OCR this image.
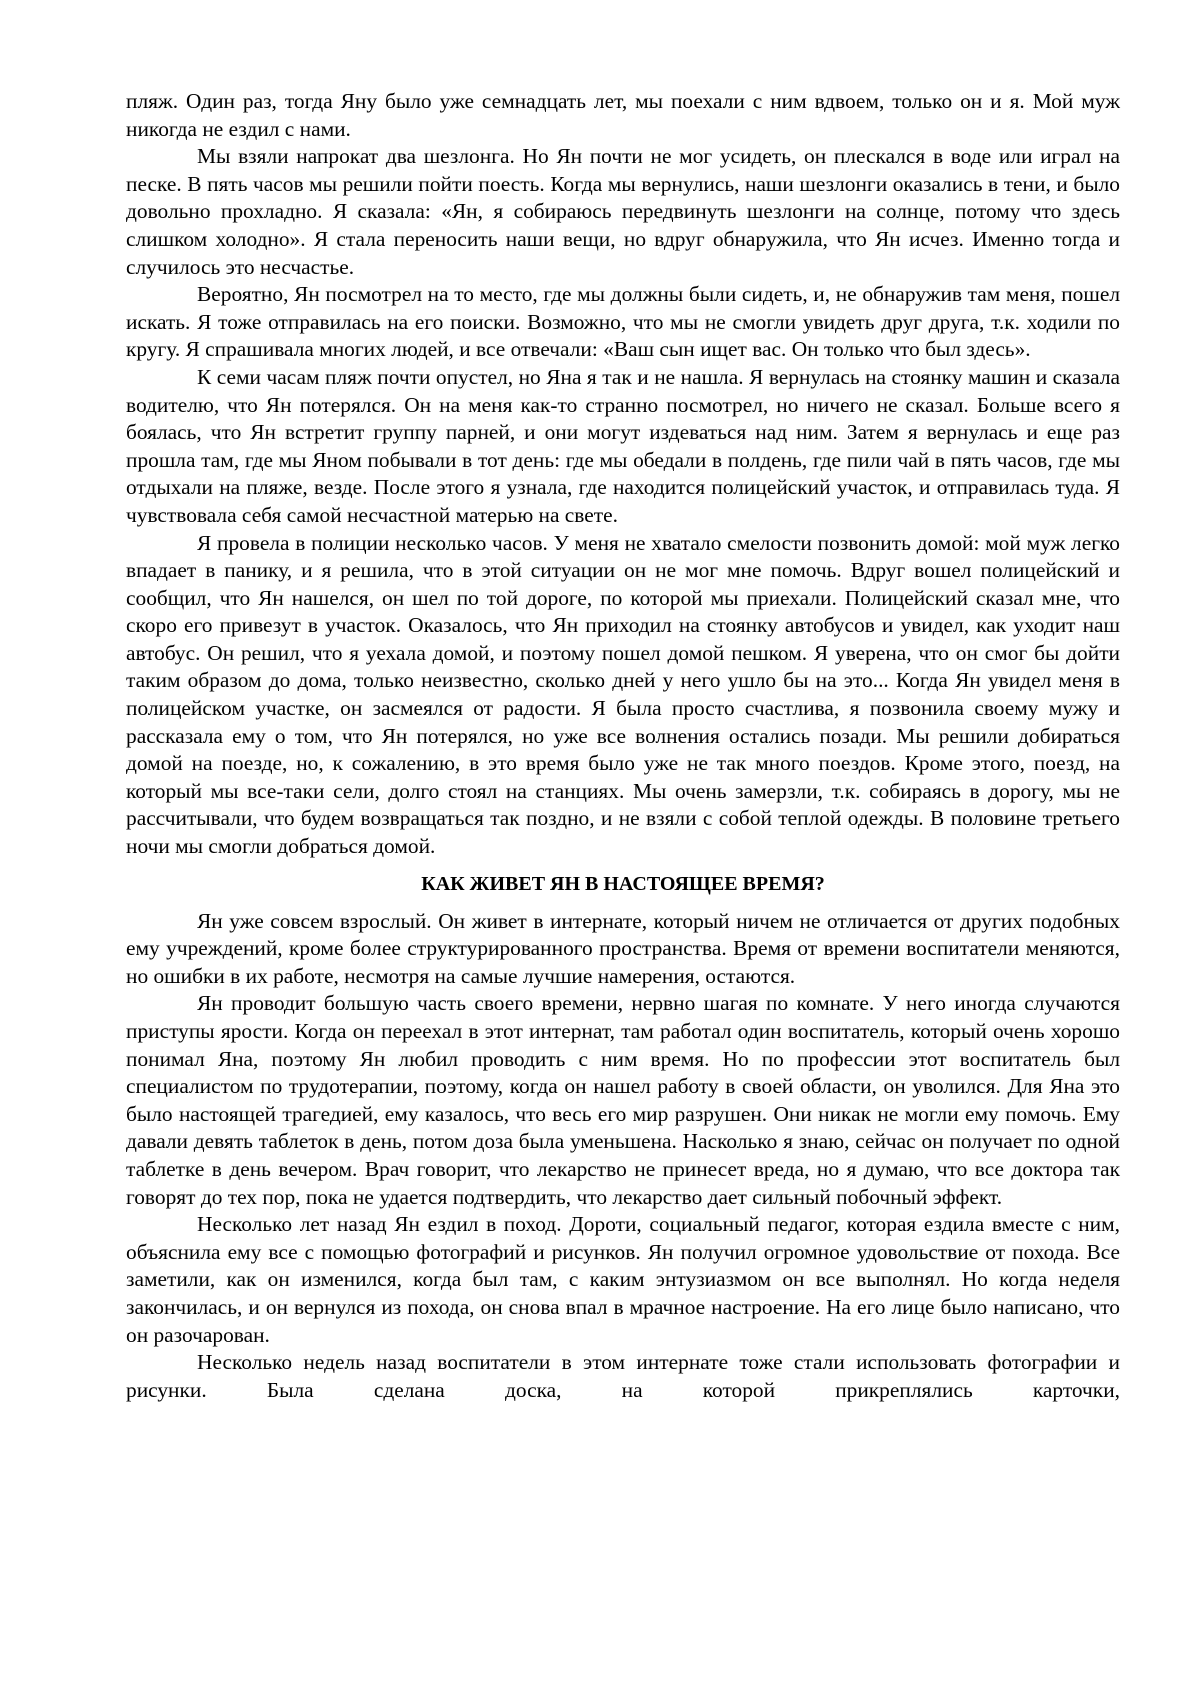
пляж. Один раз, тогда Яну было уже семнадцать лет, мы поехали с ним вдвоем, только он и я. Мой муж никогда не ездил с нами.

Мы взяли напрокат два шезлонга. Но Ян почти не мог усидеть, он плескался в воде или играл на песке. В пять часов мы решили пойти поесть. Когда мы вернулись, наши шезлонги оказались в тени, и было довольно прохладно. Я сказала: «Ян, я собираюсь передвинуть шезлонги на солнце, потому что здесь слишком холодно». Я стала переносить наши вещи, но вдруг обнаружила, что Ян исчез. Именно тогда и случилось это несчастье.

Вероятно, Ян посмотрел на то место, где мы должны были сидеть, и, не обнаружив там меня, пошел искать. Я тоже отправилась на его поиски. Возможно, что мы не смогли увидеть друг друга, т.к. ходили по кругу. Я спрашивала многих людей, и все отвечали: «Ваш сын ищет вас. Он только что был здесь».

К семи часам пляж почти опустел, но Яна я так и не нашла. Я вернулась на стоянку машин и сказала водителю, что Ян потерялся. Он на меня как-то странно посмотрел, но ничего не сказал. Больше всего я боялась, что Ян встретит группу парней, и они могут издеваться над ним. Затем я вернулась и еще раз прошла там, где мы Яном побывали в тот день: где мы обедали в полдень, где пили чай в пять часов, где мы отдыхали на пляже, везде. После этого я узнала, где находится полицейский участок, и отправилась туда. Я чувствовала себя самой несчастной матерью на свете.

Я провела в полиции несколько часов. У меня не хватало смелости позвонить домой: мой муж легко впадает в панику, и я решила, что в этой ситуации он не мог мне помочь. Вдруг вошел полицейский и сообщил, что Ян нашелся, он шел по той дороге, по которой мы приехали. Полицейский сказал мне, что скоро его привезут в участок. Оказалось, что Ян приходил на стоянку автобусов и увидел, как уходит наш автобус. Он решил, что я уехала домой, и поэтому пошел домой пешком. Я уверена, что он смог бы дойти таким образом до дома, только неизвестно, сколько дней у него ушло бы на это... Когда Ян увидел меня в полицейском участке, он засмеялся от радости. Я была просто счастлива, я позвонила своему мужу и рассказала ему о том, что Ян потерялся, но уже все волнения остались позади. Мы решили добираться домой на поезде, но, к сожалению, в это время было уже не так много поездов. Кроме этого, поезд, на который мы все-таки сели, долго стоял на станциях. Мы очень замерзли, т.к. собираясь в дорогу, мы не рассчитывали, что будем возвращаться так поздно, и не взяли с собой теплой одежды. В половине третьего ночи мы смогли добраться домой.

КАК ЖИВЕТ ЯН В НАСТОЯЩЕЕ ВРЕМЯ?

Ян уже совсем взрослый. Он живет в интернате, который ничем не отличается от других подобных ему учреждений, кроме более структурированного пространства. Время от времени воспитатели меняются, но ошибки в их работе, несмотря на самые лучшие намерения, остаются.

Ян проводит большую часть своего времени, нервно шагая по комнате. У него иногда случаются приступы ярости. Когда он переехал в этот интернат, там работал один воспитатель, который очень хорошо понимал Яна, поэтому Ян любил проводить с ним время. Но по профессии этот воспитатель был специалистом по трудотерапии, поэтому, когда он нашел работу в своей области, он уволился. Для Яна это было настоящей трагедией, ему казалось, что весь его мир разрушен. Они никак не могли ему помочь. Ему давали девять таблеток в день, потом доза была уменьшена. Насколько я знаю, сейчас он получает по одной таблетке в день вечером. Врач говорит, что лекарство не принесет вреда, но я думаю, что все доктора так говорят до тех пор, пока не удается подтвердить, что лекарство дает сильный побочный эффект.

Несколько лет назад Ян ездил в поход. Дороти, социальный педагог, которая ездила вместе с ним, объяснила ему все с помощью фотографий и рисунков. Ян получил огромное удовольствие от похода. Все заметили, как он изменился, когда был там, с каким энтузиазмом он все выполнял. Но когда неделя закончилась, и он вернулся из похода, он снова впал в мрачное настроение. На его лице было написано, что он разочарован.

Несколько недель назад воспитатели в этом интернате тоже стали использовать фотографии и рисунки. Была сделана доска, на которой прикреплялись карточки,
